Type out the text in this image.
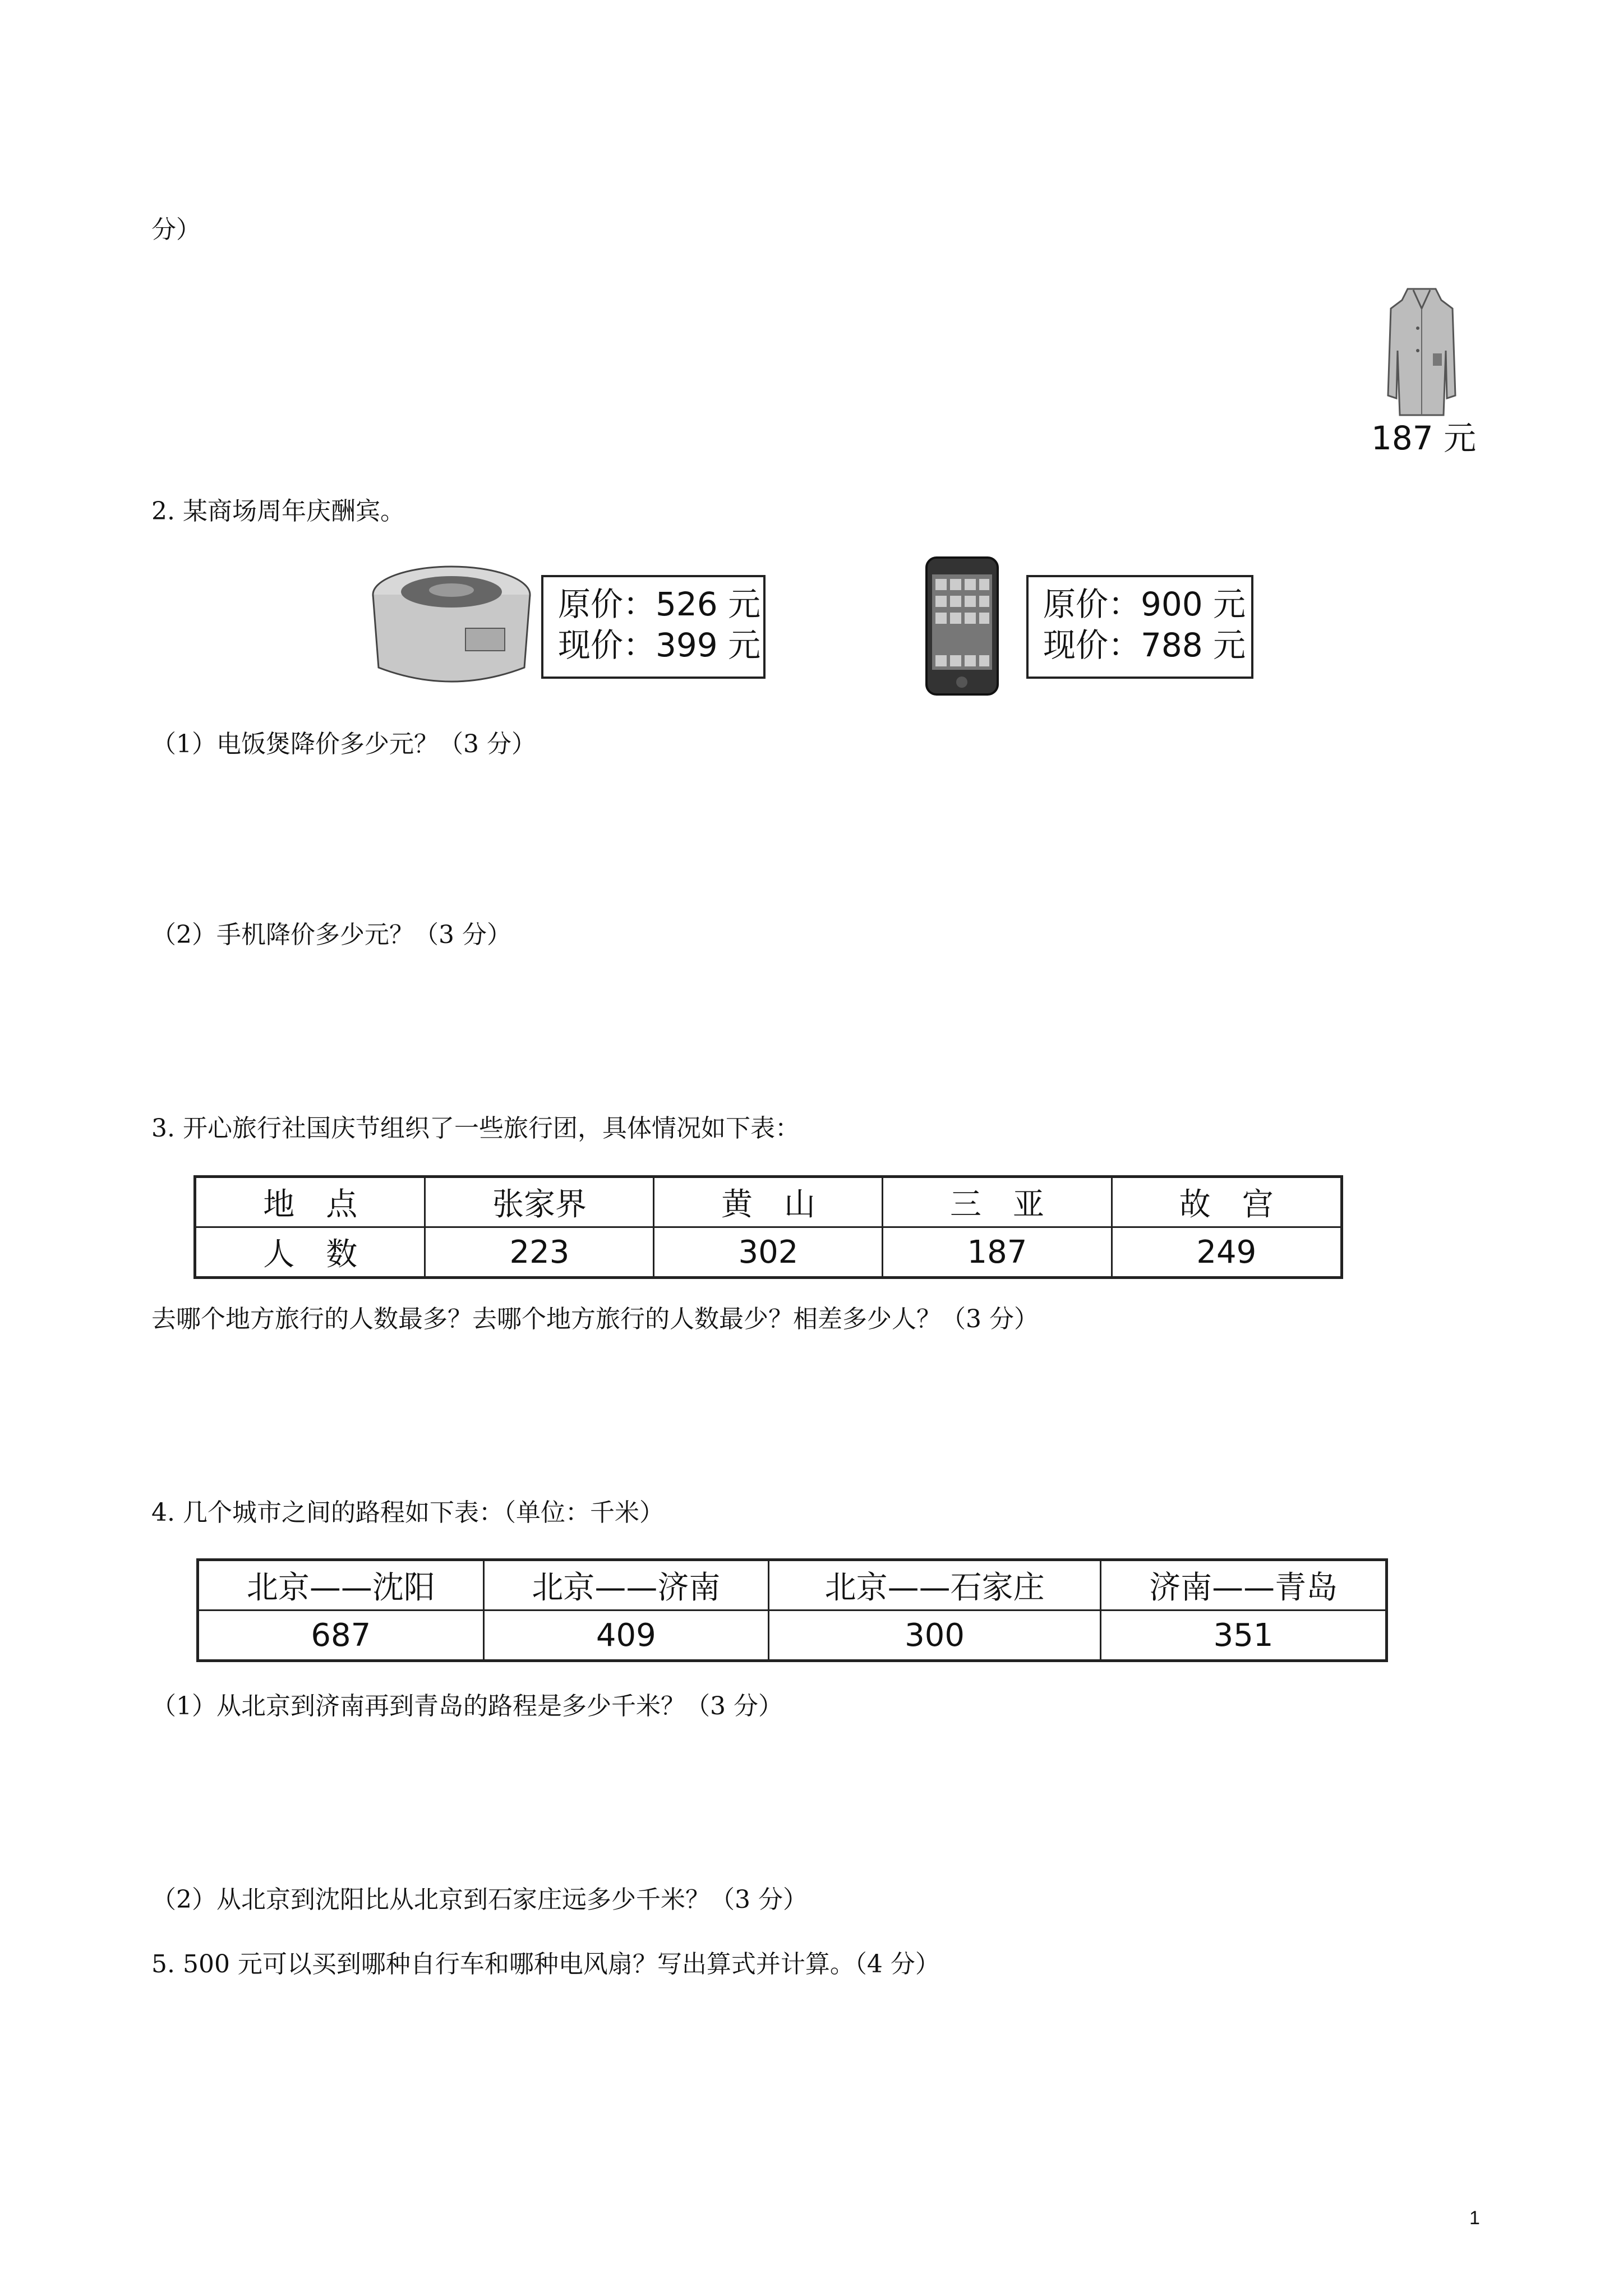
分）
187 元
2. 某商场周年庆酬宾。
原价：526 元
现价：399 元
原价：900 元
现价：788 元
（1）电饭煲降价多少元？（3 分）
（2）手机降价多少元？（3 分）
3. 开心旅行社国庆节组织了一些旅行团，具体情况如下表：
地　点	张家界	黄　山	三　亚	故　宫
人　数	223	302	187	249
去哪个地方旅行的人数最多？去哪个地方旅行的人数最少？相差多少人？（3 分）
4. 几个城市之间的路程如下表：（单位：千米）
北京——沈阳	北京——济南	北京——石家庄	济南——青岛
687	409	300	351
（1）从北京到济南再到青岛的路程是多少千米？（3 分）
（2）从北京到沈阳比从北京到石家庄远多少千米？（3 分）
5. 500 元可以买到哪种自行车和哪种电风扇？写出算式并计算。（4 分）
1
